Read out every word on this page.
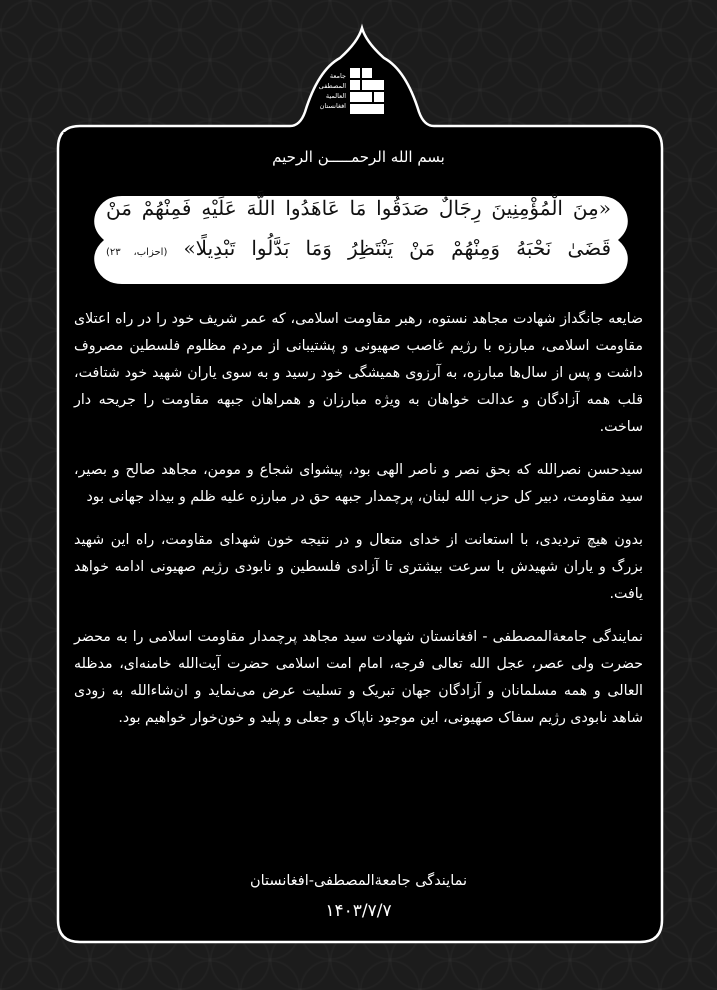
جامعة
المصطفى
العالمية
افغانستان
بسم الله الرحمـــــن الرحيم
«مِنَ الْمُؤْمِنِينَ رِجَالٌ صَدَقُوا مَا عَاهَدُوا اللَّهَ عَلَيْهِ فَمِنْهُمْ مَنْ قَضَىٰ نَحْبَهُ وَمِنْهُمْ مَنْ يَنْتَظِرُ وَمَا بَدَّلُوا تَبْدِيلًا» (احزاب، ۲۳)

ضایعه جانگداز شهادت مجاهد نستوه، رهبر مقاومت اسلامی، که عمر شریف خود را در راه اعتلای مقاومت اسلامی، مبارزه با رژیم غاصب صهیونی و پشتیبانی از مردم مظلوم فلسطین مصروف داشت و پس از سال‌ها مبارزه، به آرزوی همیشگی خود رسید و به سوی یاران شهید خود شتافت، قلب همه آزادگان و عدالت خواهان به ویژه مبارزان و همراهان جبهه مقاومت را جریحه دار ساخت.

سیدحسن نصرالله که بحق نصر و ناصر الهی بود، پیشوای شجاع و مومن، مجاهد صالح و بصیر، سید مقاومت، دبیر کل حزب الله لبنان، پرچمدار جبهه حق در مبارزه علیه ظلم و بیداد جهانی بود

بدون هیچ تردیدی، با استعانت از خدای متعال و در نتیجه خون شهدای مقاومت، راه این شهید بزرگ و یاران شهیدش با سرعت بیشتری تا آزادی فلسطین و نابودی رژیم صهیونی ادامه خواهد یافت.

نمایندگی جامعةالمصطفی - افغانستان شهادت سید مجاهد پرچمدار مقاومت اسلامی را به محضر حضرت ولی عصر، عجل الله تعالی فرجه، امام امت اسلامی حضرت آیت‌الله خامنه‌ای، مدظله العالی و همه مسلمانان و آزادگان جهان تبریک و تسلیت عرض می‌نماید و ان‌شاءالله به زودی شاهد نابودی رژیم سفاک صهیونی، این موجود ناپاک و جعلی و پلید و خون‌خوار خواهیم بود.

نمایندگی جامعةالمصطفی-افغانستان
۱۴۰۳/۷/۷
